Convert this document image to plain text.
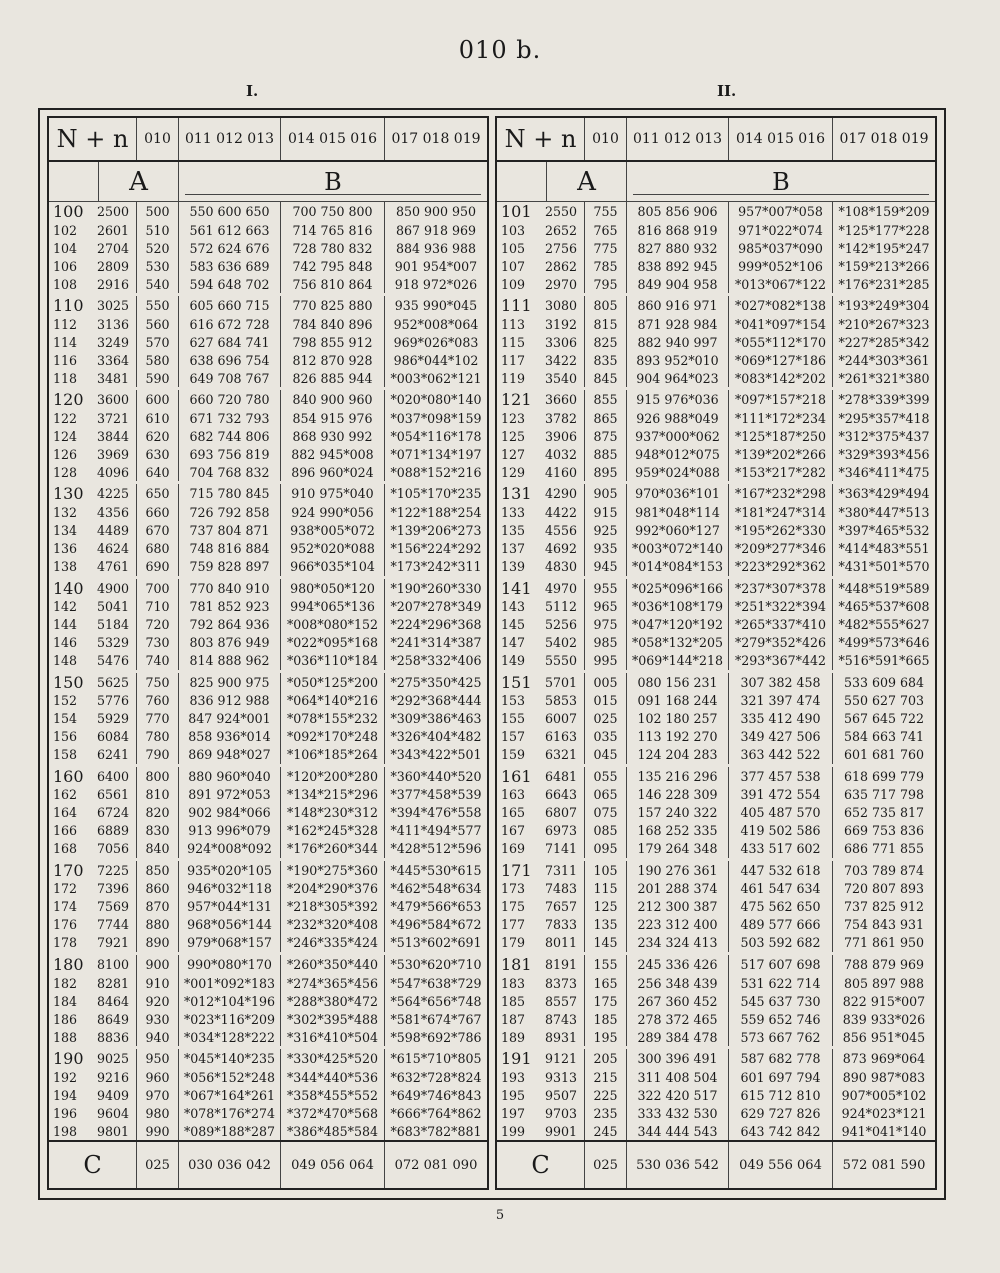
010 b.
I.	II.
N + n	010	011 012 013 014 015 016	017 018 019
A	B
100	2500	500	550 600 650	700 750 800	850 900 950
102	2601	510	561 612 663	714 765 816	867 918 969
104	2704	520	572 624 676	728 780 832	884 936 988
106	2809	530	583 636 689	742 795 848	901 954*007
108	2916	540	594 648 702	756 810 864	918 972*026
110	3025	550	605 660 715	770 825 880	935 990*045
112	3136	560	616 672 728	784 840 896	952*008*064
114	3249	570	627 684 741	798 855 912	969*026*083
116	3364	580	638 696 754	812 870 928	986*044*102
118	3481	590	649 708 767	826 885 944	*003*062*121
120	3600	600	660 720 780	840 900 960	*020*080*140
122	3721	610	671 732 793	854 915 976	*037*098*159
124	3844	620	682 744 806	868 930 992	*054*116*178
126	3969	630	693 756 819	882 945*008	*071*134*197
128	4096	640	704 768 832	896 960*024	*088*152*216
130	4225	650	715 780 845	910 975*040	*105*170*235
132	4356	660	726 792 858	924 990*056	*122*188*254
134	4489	670	737 804 871	938*005*072	*139*206*273
136	4624	680	748 816 884	952*020*088	*156*224*292
138	4761	690	759 828 897	966*035*104	*173*242*311
140	4900	700	770 840 910	980*050*120	*190*260*330
142	5041	710	781 852 923	994*065*136	*207*278*349
144	5184	720	792 864 936	*008*080*152 *224*296*368
146	5329	730	803 876 949	*022*095*168 *241*314*387
148	5476	740	814 888 962	*036*110*184 *258*332*406
150	5625	750	825 900 975	*050*125*200 *275*350*425
152	5776	760	836 912 988	*064*140*216 *292*368*444
154	5929	770	847 924*001	*078*155*232 *309*386*463
156	6084	780	858 936*014	*092*170*248 *326*404*482
158	6241	790	869 948*027	*106*185*264 *343*422*501
160	6400	800	880 960*040	*120*200*280 *360*440*520
162	6561	810	891 972*053	*134*215*296 *377*458*539
164	6724	820	902 984*066	*148*230*312 *394*476*558
166	6889	830	913 996*079	*162*245*328 *411*494*577
168	7056	840	924*008*092	*176*260*344 *428*512*596
170	7225	850	935*020*105	*190*275*360 *445*530*615
172	7396	860	946*032*118	*204*290*376 *462*548*634
174	7569	870	957*044*131	*218*305*392 *479*566*653
176	7744	880	968*056*144	*232*320*408 *496*584*672
178	7921	890	979*068*157	*246*335*424 *513*602*691
180	8100	900	990*080*170	*260*350*440 *530*620*710
182	8281	910	*001*092*183 *274*365*456 *547*638*729
184	8464	920	*012*104*196 *288*380*472 *564*656*748
186	8649	930	*023*116*209 *302*395*488 *581*674*767
188	8836	940	*034*128*222 *316*410*504 *598*692*786
190	9025	950	*045*140*235 *330*425*520 *615*710*805
192	9216	960	*056*152*248 *344*440*536 *632*728*824
194	9409	970	*067*164*261 *358*455*552 *649*746*843
196	9604	980	*078*176*274 *372*470*568 *666*764*862
198	9801	990	*089*188*287 *386*485*584 *683*782*881
C	025	030 036 042	049 056 064	072 081 090
N + n	010	011 012 013 014 015 016	017 018 019
A	B
101	2550	755	805 856 906	957*007*058	*108*159*209
103	2652	765	816 868 919	971*022*074	*125*177*228
105	2756	775	827 880 932	985*037*090	*142*195*247
107	2862	785	838 892 945	999*052*106	*159*213*266
109	2970	795	849 904 958	*013*067*122 *176*231*285
111	3080	805	860 916 971	*027*082*138 *193*249*304
113	3192	815	871 928 984	*041*097*154 *210*267*323
115	3306	825	882 940 997	*055*112*170 *227*285*342
117	3422	835	893 952*010	*069*127*186 *244*303*361
119	3540	845	904 964*023	*083*142*202 *261*321*380
121	3660	855	915 976*036	*097*157*218 *278*339*399
123	3782	865	926 988*049	*111*172*234 *295*357*418
125	3906	875	937*000*062	*125*187*250 *312*375*437
127	4032	885	948*012*075	*139*202*266 *329*393*456
129	4160	895	959*024*088	*153*217*282 *346*411*475
131	4290	905	970*036*101	*167*232*298 *363*429*494
133	4422	915	981*048*114	*181*247*314 *380*447*513
135	4556	925	992*060*127	*195*262*330 *397*465*532
137	4692	935	*003*072*140 *209*277*346 *414*483*551
139	4830	945	*014*084*153 *223*292*362 *431*501*570
141	4970	955	*025*096*166 *237*307*378 *448*519*589
143	5112	965	*036*108*179 *251*322*394 *465*537*608
145	5256	975	*047*120*192 *265*337*410 *482*555*627
147	5402	985	*058*132*205 *279*352*426 *499*573*646
149	5550	995	*069*144*218 *293*367*442 *516*591*665
151	5701	005	080 156 231	307 382 458	533 609 684
153	5853	015	091 168 244	321 397 474	550 627 703
155	6007	025	102 180 257	335 412 490	567 645 722
157	6163	035	113 192 270	349 427 506	584 663 741
159	6321	045	124 204 283	363 442 522	601 681 760
161	6481	055	135 216 296	377 457 538	618 699 779
163	6643	065	146 228 309	391 472 554	635 717 798
165	6807	075	157 240 322	405 487 570	652 735 817
167	6973	085	168 252 335	419 502 586	669 753 836
169	7141	095	179 264 348	433 517 602	686 771 855
171	7311	105	190 276 361	447 532 618	703 789 874
173	7483	115	201 288 374	461 547 634	720 807 893
175	7657	125	212 300 387	475 562 650	737 825 912
177	7833	135	223 312 400	489 577 666	754 843 931
179	8011	145	234 324 413	503 592 682	771 861 950
181	8191	155	245 336 426	517 607 698	788 879 969
183	8373	165	256 348 439	531 622 714	805 897 988
185	8557	175	267 360 452	545 637 730	822 915*007
187	8743	185	278 372 465	559 652 746	839 933*026
189	8931	195	289 384 478	573 667 762	856 951*045
191	9121	205	300 396 491	587 682 778	873 969*064
193	9313	215	311 408 504	601 697 794	890 987*083
195	9507	225	322 420 517	615 712 810	907*005*102
197	9703	235	333 432 530	629 727 826	924*023*121
199	9901	245	344 444 543	643 742 842	941*041*140
C	025	530 036 542	049 556 064	572 081 590
5
